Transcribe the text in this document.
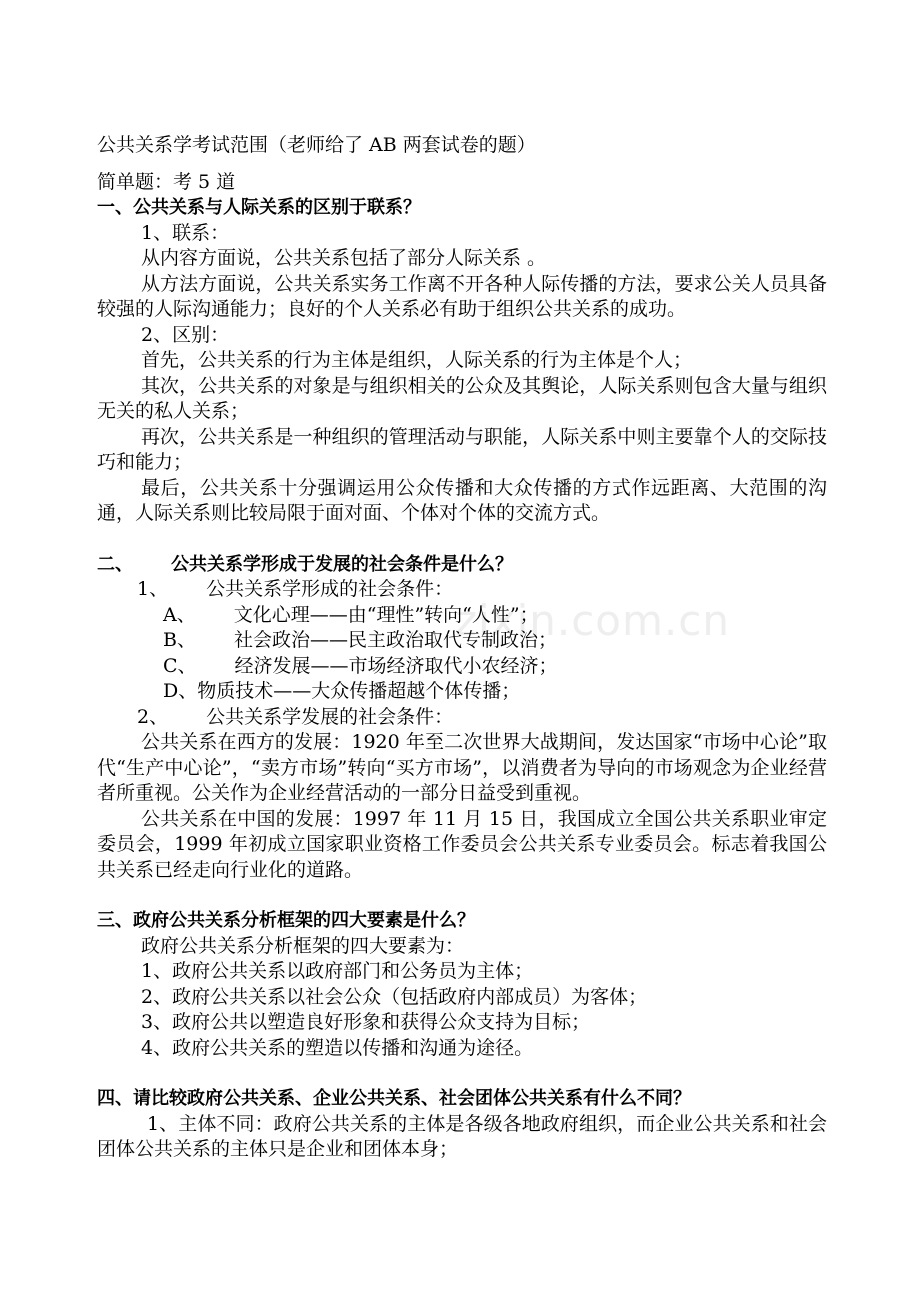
zixin.com.cn
公共关系学考试范围（老师给了 AB 两套试卷的题）
简单题：考 5 道
一、公共关系与人际关系的区别于联系？
1、联系：
从内容方面说，公共关系包括了部分人际关系 。
从方法方面说，公共关系实务工作离不开各种人际传播的方法，要求公关人员具备较强的人际沟通能力；良好的个人关系必有助于组织公共关系的成功。
2、区别：
首先，公共关系的行为主体是组织，人际关系的行为主体是个人；
其次，公共关系的对象是与组织相关的公众及其舆论，人际关系则包含大量与组织无关的私人关系；
再次，公共关系是一种组织的管理活动与职能，人际关系中则主要靠个人的交际技巧和能力；
最后，公共关系十分强调运用公众传播和大众传播的方式作远距离、大范围的沟通，人际关系则比较局限于面对面、个体对个体的交流方式。
二、 公共关系学形成于发展的社会条件是什么？
1、 公共关系学形成的社会条件：
A、 文化心理——由“理性”转向“人性”；
B、 社会政治——民主政治取代专制政治；
C、 经济发展——市场经济取代小农经济；
D、物质技术——大众传播超越个体传播；
2、 公共关系学发展的社会条件：
公共关系在西方的发展：1920 年至二次世界大战期间，发达国家“市场中心论”取代“生产中心论”，“卖方市场”转向“买方市场”，以消费者为导向的市场观念为企业经营者所重视。公关作为企业经营活动的一部分日益受到重视。
公共关系在中国的发展：1997 年 11 月 15 日，我国成立全国公共关系职业审定委员会，1999 年初成立国家职业资格工作委员会公共关系专业委员会。标志着我国公共关系已经走向行业化的道路。
三、政府公共关系分析框架的四大要素是什么？
政府公共关系分析框架的四大要素为：
1、政府公共关系以政府部门和公务员为主体；
2、政府公共关系以社会公众（包括政府内部成员）为客体；
3、政府公共以塑造良好形象和获得公众支持为目标；
4、政府公共关系的塑造以传播和沟通为途径。
四、请比较政府公共关系、企业公共关系、社会团体公共关系有什么不同？
1、主体不同：政府公共关系的主体是各级各地政府组织，而企业公共关系和社会团体公共关系的主体只是企业和团体本身；
